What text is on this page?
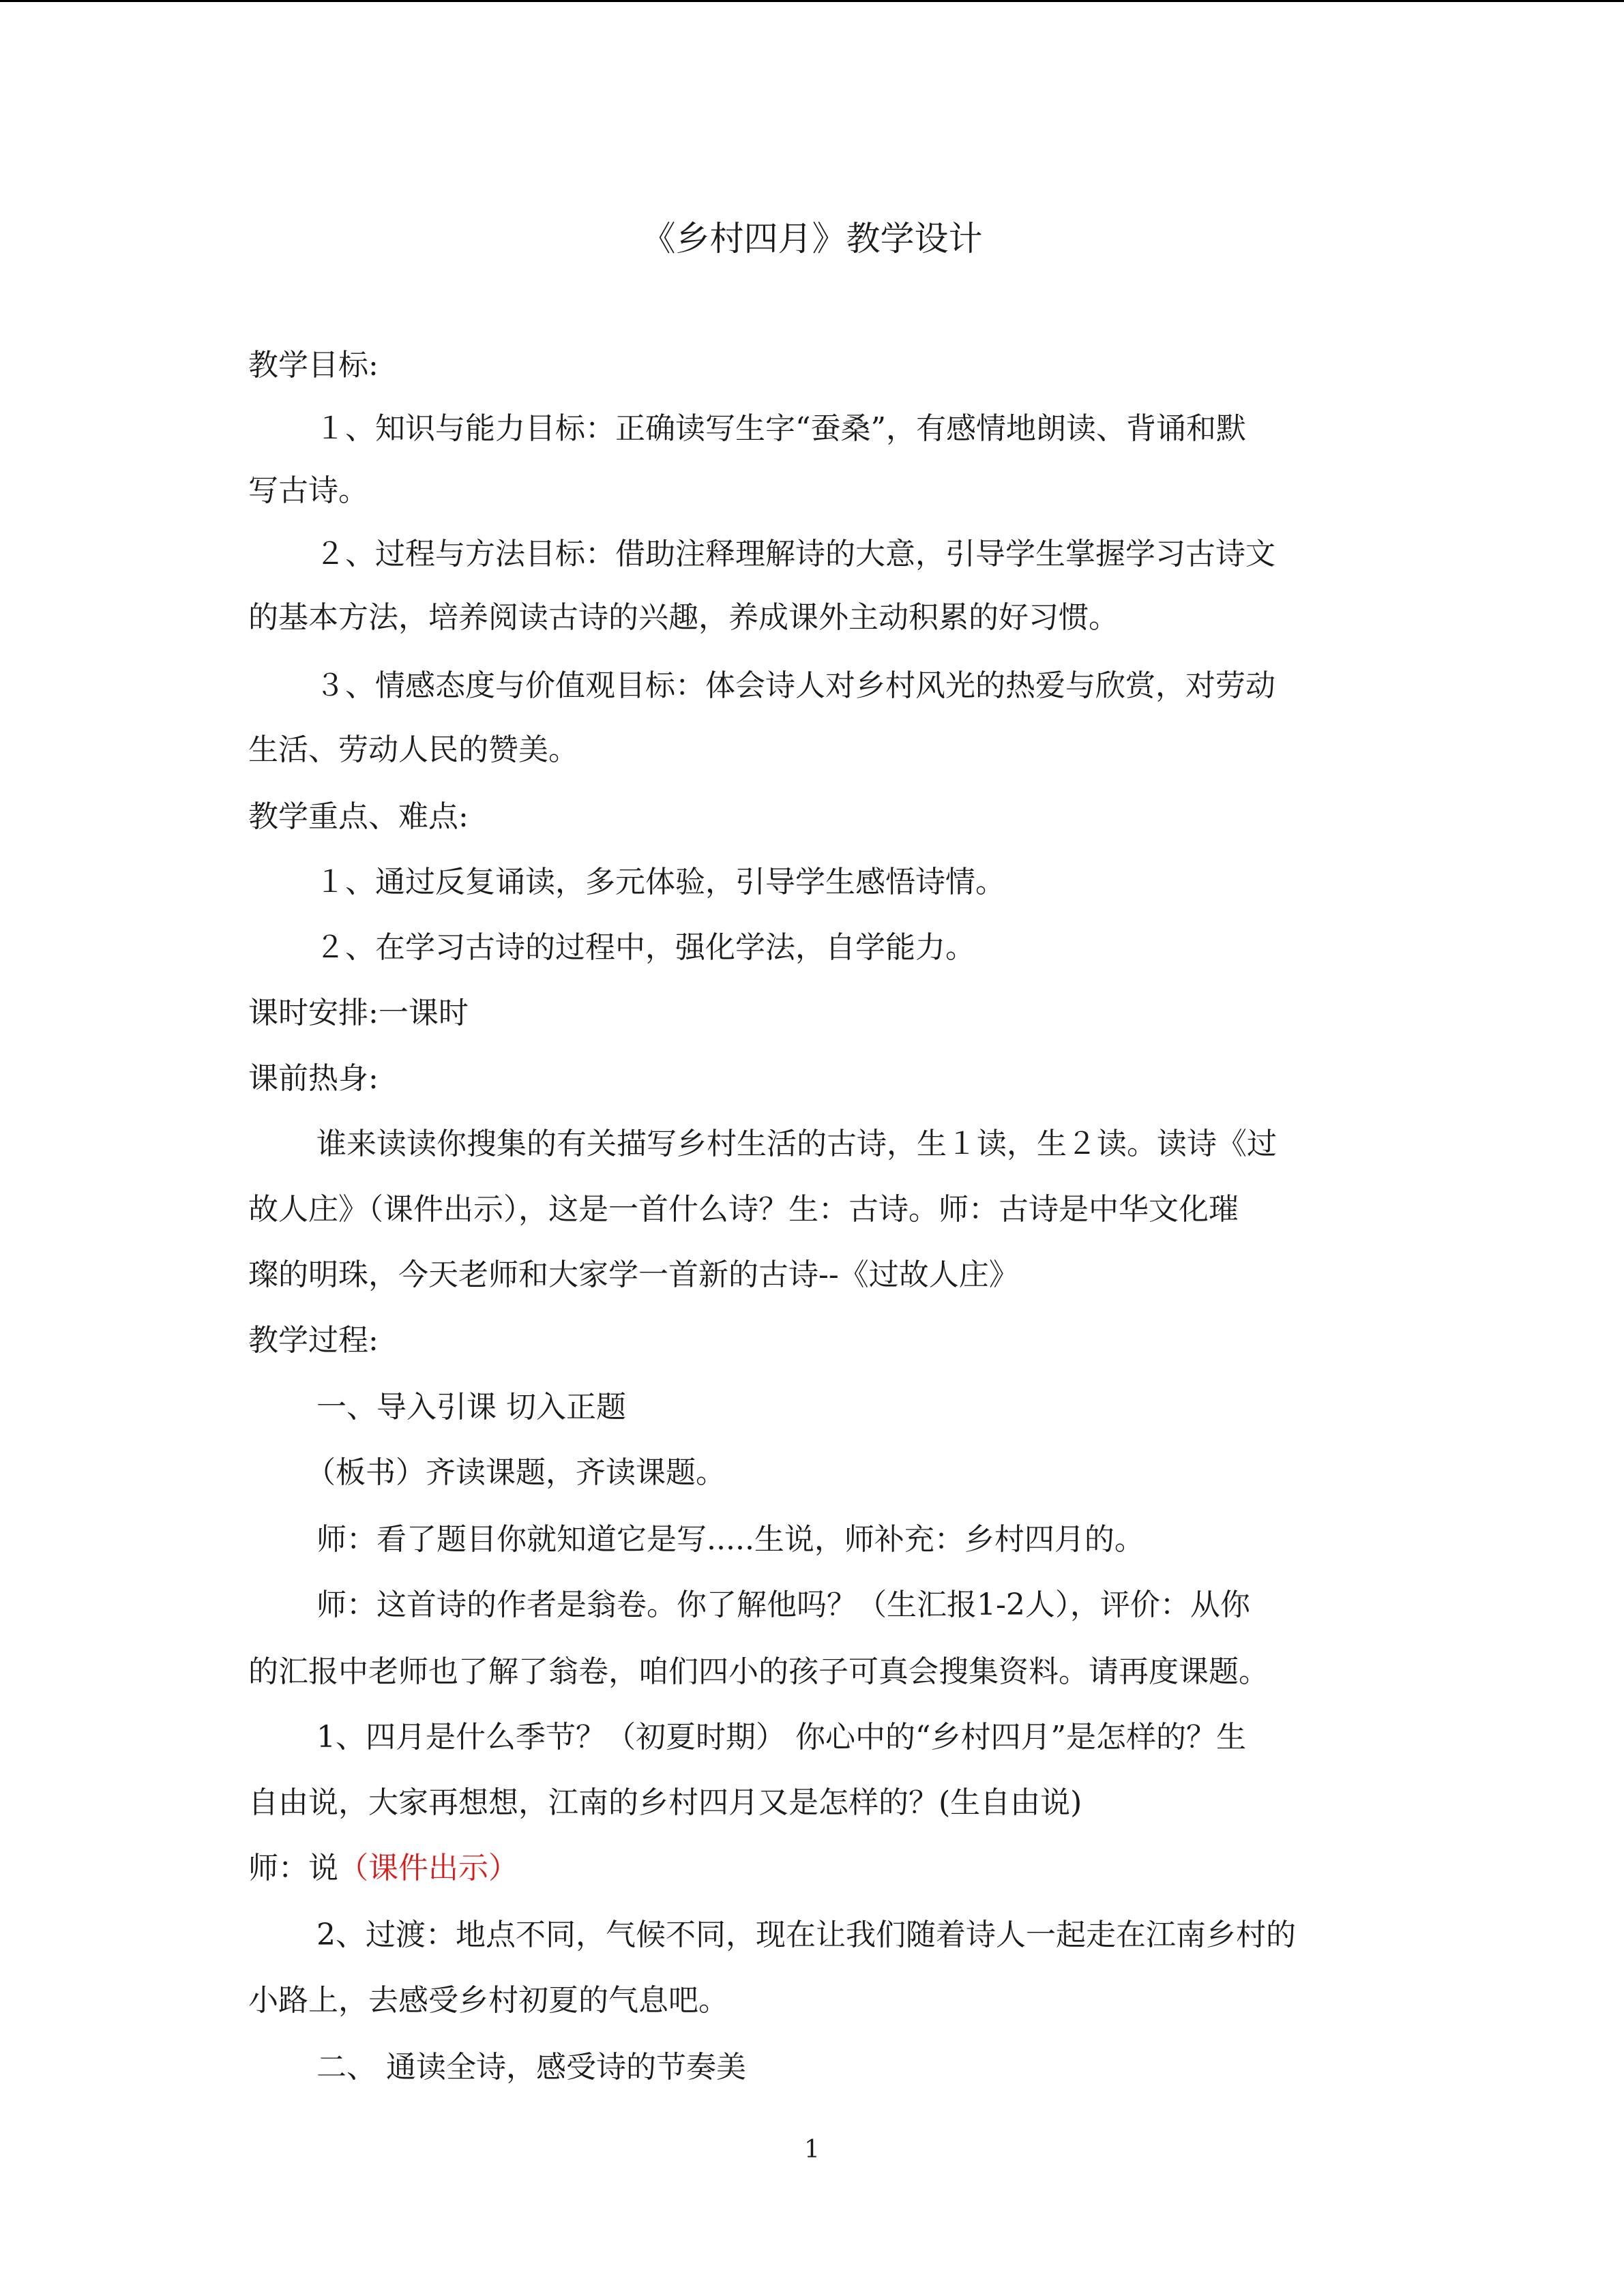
《乡村四月》教学设计
教学目标:
１、知识与能力目标：正确读写生字“蚕桑”，有感情地朗读、背诵和默
写古诗。
２、过程与方法目标：借助注释理解诗的大意，引导学生掌握学习古诗文
的基本方法，培养阅读古诗的兴趣，养成课外主动积累的好习惯。
３、情感态度与价值观目标：体会诗人对乡村风光的热爱与欣赏，对劳动
生活、劳动人民的赞美。
教学重点、难点:
１、通过反复诵读，多元体验，引导学生感悟诗情。
２、在学习古诗的过程中，强化学法，自学能力。
课时安排:一课时
课前热身:
谁来读读你搜集的有关描写乡村生活的古诗，生１读，生２读。读诗《过
故人庄》（课件出示），这是一首什么诗？生：古诗。师：古诗是中华文化璀
璨的明珠，今天老师和大家学一首新的古诗--《过故人庄》
教学过程:
一、导入引课 切入正题
（板书）齐读课题，齐读课题。
师：看了题目你就知道它是写.....生说，师补充：乡村四月的。
师：这首诗的作者是翁卷。你了解他吗？（生汇报1-2人），评价：从你
的汇报中老师也了解了翁卷，咱们四小的孩子可真会搜集资料。请再度课题。
1、四月是什么季节？（初夏时期） 你心中的“乡村四月”是怎样的？生
自由说，大家再想想，江南的乡村四月又是怎样的？(生自由说)
师：说（课件出示）
2、过渡：地点不同，气候不同，现在让我们随着诗人一起走在江南乡村的
小路上，去感受乡村初夏的气息吧。
二、 通读全诗，感受诗的节奏美
1
